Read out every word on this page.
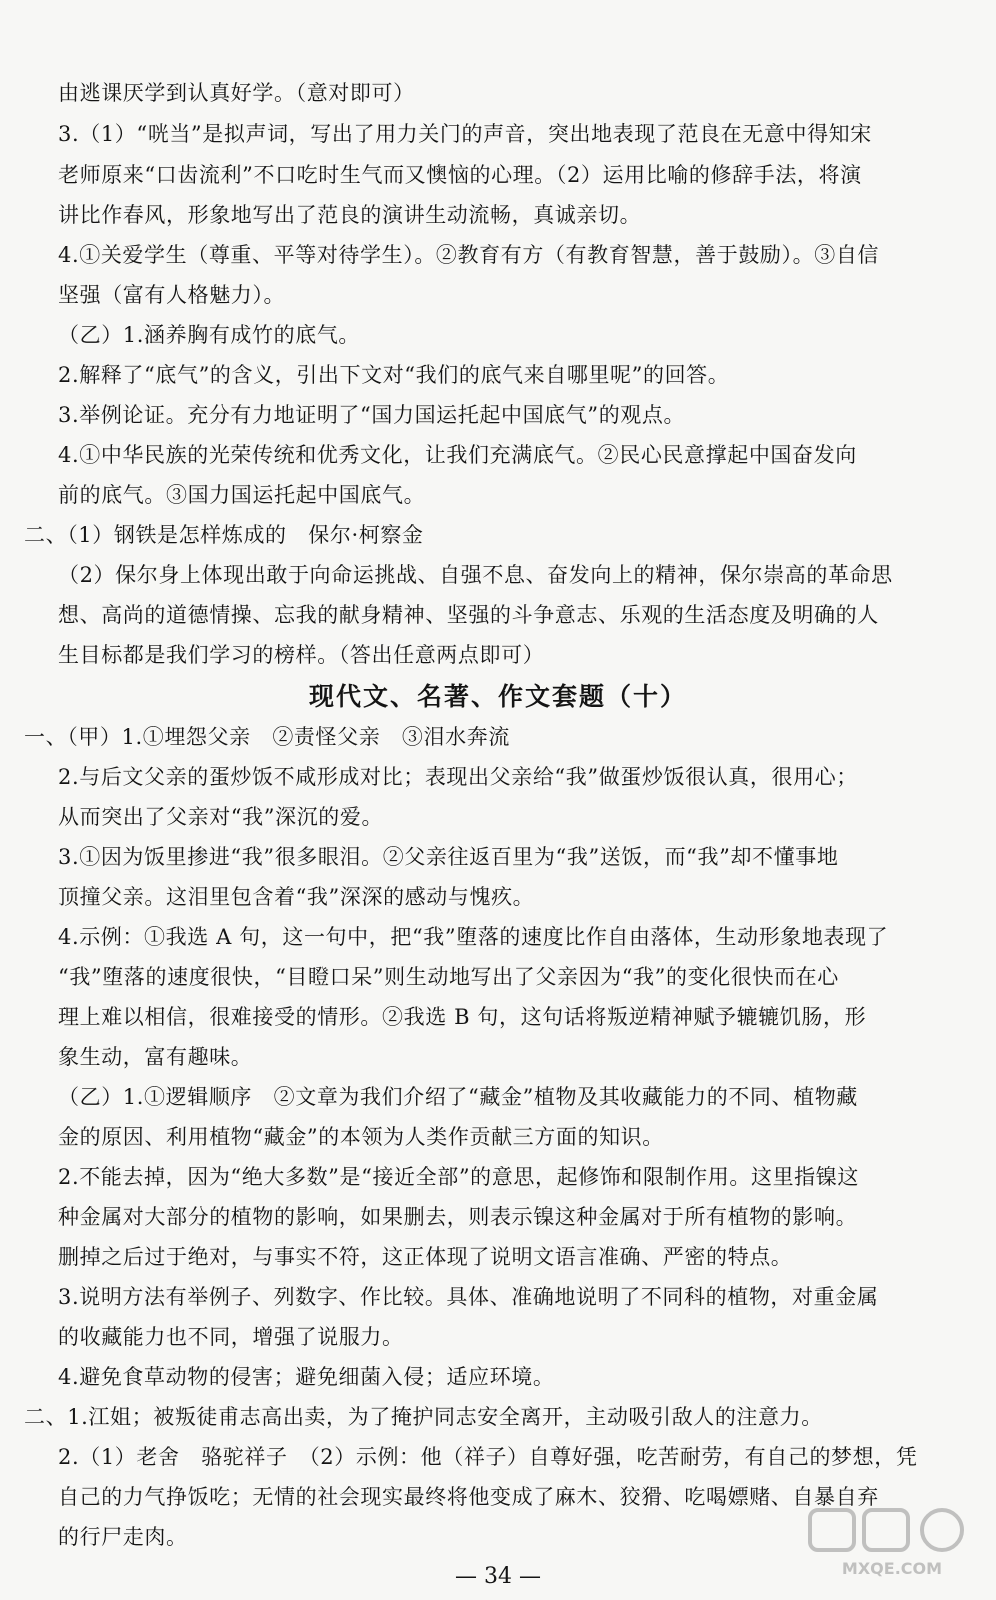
由逃课厌学到认真好学。（意对即可）
3.（1）“咣当”是拟声词，写出了用力关门的声音，突出地表现了范良在无意中得知宋
老师原来“口齿流利”不口吃时生气而又懊恼的心理。（2）运用比喻的修辞手法，将演
讲比作春风，形象地写出了范良的演讲生动流畅，真诚亲切。
4.①关爱学生（尊重、平等对待学生）。②教育有方（有教育智慧，善于鼓励）。③自信
坚强（富有人格魅力）。
（乙）1.涵养胸有成竹的底气。
2.解释了“底气”的含义，引出下文对“我们的底气来自哪里呢”的回答。
3.举例论证。充分有力地证明了“国力国运托起中国底气”的观点。
4.①中华民族的光荣传统和优秀文化，让我们充满底气。②民心民意撑起中国奋发向
前的底气。③国力国运托起中国底气。
二、（1）钢铁是怎样炼成的　保尔·柯察金
（2）保尔身上体现出敢于向命运挑战、自强不息、奋发向上的精神，保尔崇高的革命思
想、高尚的道德情操、忘我的献身精神、坚强的斗争意志、乐观的生活态度及明确的人
生目标都是我们学习的榜样。（答出任意两点即可）
现代文、名著、作文套题（十）
一、（甲）1.①埋怨父亲　②责怪父亲　③泪水奔流
2.与后文父亲的蛋炒饭不咸形成对比；表现出父亲给“我”做蛋炒饭很认真，很用心；
从而突出了父亲对“我”深沉的爱。
3.①因为饭里掺进“我”很多眼泪。②父亲往返百里为“我”送饭，而“我”却不懂事地
顶撞父亲。这泪里包含着“我”深深的感动与愧疚。
4.示例：①我选 A 句，这一句中，把“我”堕落的速度比作自由落体，生动形象地表现了
“我”堕落的速度很快，“目瞪口呆”则生动地写出了父亲因为“我”的变化很快而在心
理上难以相信，很难接受的情形。②我选 B 句，这句话将叛逆精神赋予辘辘饥肠，形
象生动，富有趣味。
（乙）1.①逻辑顺序　②文章为我们介绍了“藏金”植物及其收藏能力的不同、植物藏
金的原因、利用植物“藏金”的本领为人类作贡献三方面的知识。
2.不能去掉，因为“绝大多数”是“接近全部”的意思，起修饰和限制作用。这里指镍这
种金属对大部分的植物的影响，如果删去，则表示镍这种金属对于所有植物的影响。
删掉之后过于绝对，与事实不符，这正体现了说明文语言准确、严密的特点。
3.说明方法有举例子、列数字、作比较。具体、准确地说明了不同科的植物，对重金属
的收藏能力也不同，增强了说服力。
4.避免食草动物的侵害；避免细菌入侵；适应环境。
二、1.江姐；被叛徒甫志高出卖，为了掩护同志安全离开，主动吸引敌人的注意力。
2.（1）老舍　骆驼祥子　（2）示例：他（祥子）自尊好强，吃苦耐劳，有自己的梦想，凭
自己的力气挣饭吃；无情的社会现实最终将他变成了麻木、狡猾、吃喝嫖赌、自暴自弃
的行尸走肉。
— 34 —	MXQE.COM
